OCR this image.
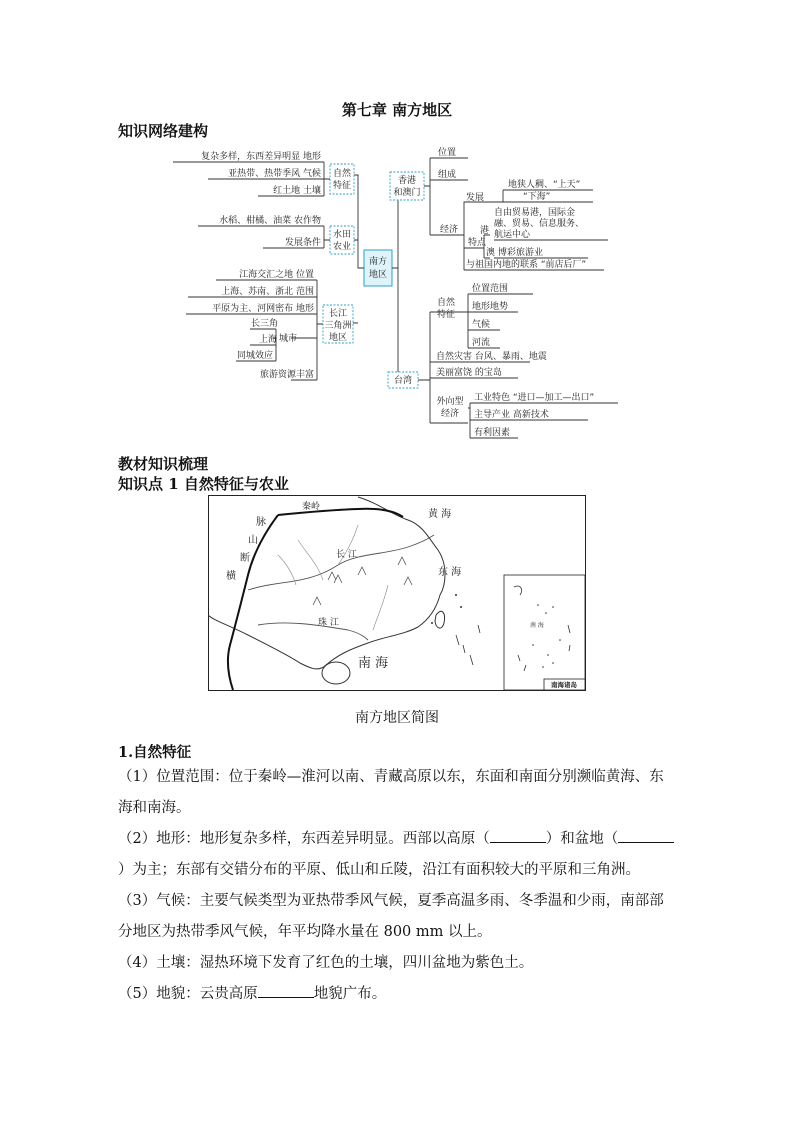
第七章 南方地区
知识网络建构
南方
地区
自然
特征
复杂多样，东西差异明显 地形
亚热带、热带季风 气候
红土地 土壤
水田
农业
水稻、柑橘、油菜 农作物
发展条件
长江
三角洲
地区
江海交汇之地 位置
上海、苏南、浙北 范围
平原为主、河网密布 地形
城市
长三角
上海
同城效应
旅游资源丰富
香港
和澳门
位置
组成
经济
发展
地狭人稠、“上天”
“下海”
特点
港
自由贸易港，国际金
融、贸易、信息服务、
航运中心
澳 博彩旅游业
与祖国内地的联系 “前店后厂”
台湾
自然
特征
位置范围
地形地势
气候
河流
自然灾害 台风、暴雨、地震
美丽富饶 的宝岛
外向型
经济
工业特色 “进口—加工—出口”
主导产业 高新技术
有利因素
教材知识梳理
知识点 1 自然特征与农业
秦岭
黄 海
横
断
脉
山
长 江
东 海
珠 江
南 海
南 海
南海诸岛
南方地区简图
1.自然特征
（1）位置范围：位于秦岭—淮河以南、青藏高原以东，东面和南面分别濒临黄海、东海和南海。
（2）地形：地形复杂多样，东西差异明显。西部以高原（	）和盆地（）为主；东部有交错分布的平原、低山和丘陵，沿江有面积较大的平原和三角洲。
（3）气候：主要气候类型为亚热带季风气候，夏季高温多雨、冬季温和少雨，南部部分地区为热带季风气候，年平均降水量在 800 mm 以上。
（4）土壤：湿热环境下发育了红色的土壤，四川盆地为紫色土。
（5）地貌：云贵高原	地貌广布。
